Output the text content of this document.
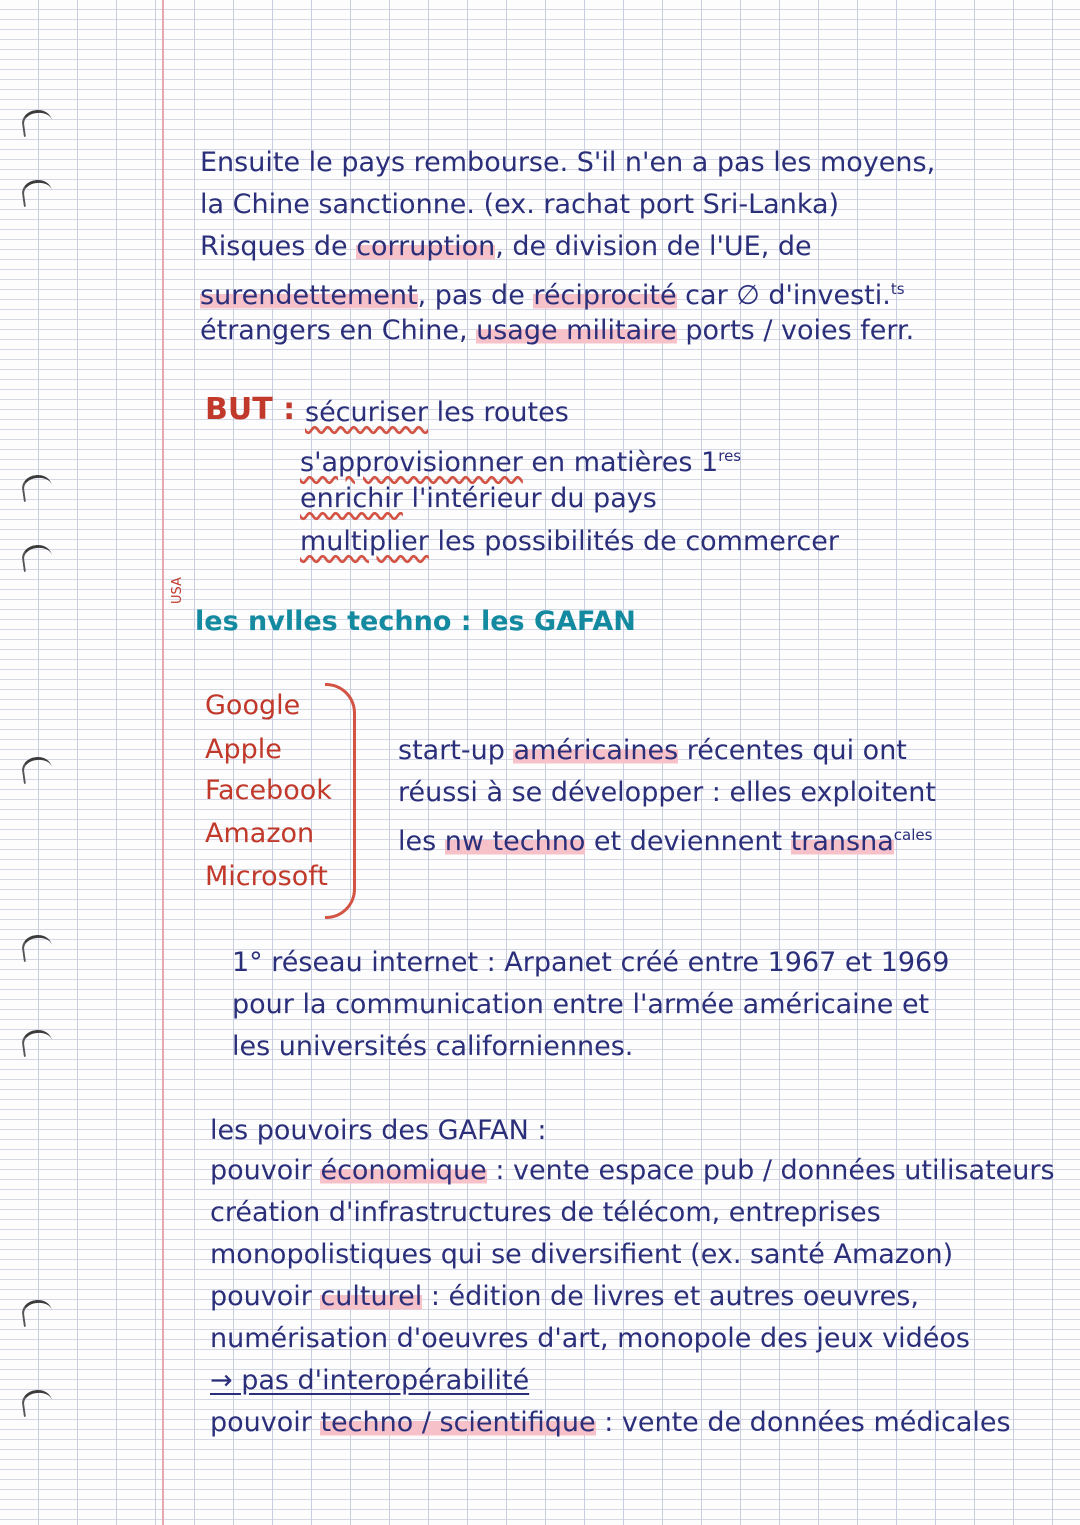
Ensuite le pays rembourse. S'il n'en a pas les moyens,
la Chine sanctionne. (ex. rachat port Sri-Lanka)
Risques de corruption, de division de l'UE, de
surendettement, pas de réciprocité car ∅ d'investi.$^{ts}$
étrangers en Chine, usage militaire ports / voies ferr.
BUT : sécuriser les routes
s'approvisionner en matières 1res
enrichir l'intérieur du pays
multiplier les possibilités de commercer
USA
les nvlles techno : les GAFAN
Google
Apple
Facebook
Amazon
Microsoft
start-up américaines récentes qui ont
réussi à se développer : elles exploitent
les nw techno et deviennent transna$^{cales}$
1° réseau internet : Arpanet créé entre 1967 et 1969
pour la communication entre l'armée américaine et
les universités californiennes.
les pouvoirs des GAFAN :
pouvoir économique : vente espace pub / données utilisateurs
création d'infrastructures de télécom, entreprises
monopolistiques qui se diversifient (ex. santé Amazon)
pouvoir culturel : édition de livres et autres oeuvres,
numérisation d'oeuvres d'art, monopole des jeux vidéos
→ pas d'interopérabilité
pouvoir techno / scientifique : vente de données médicales
